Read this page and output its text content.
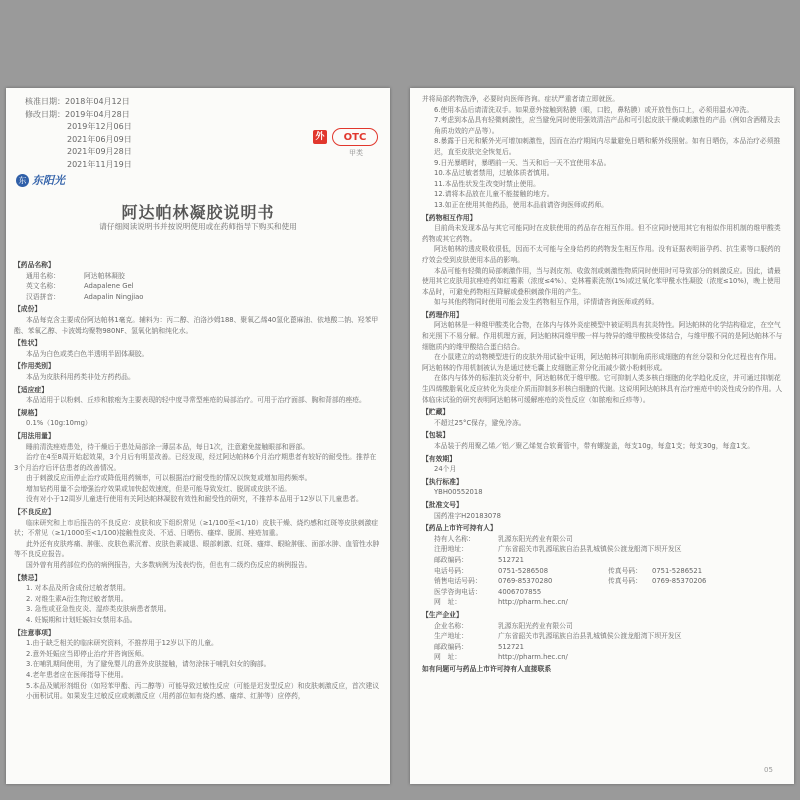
核准日期：2018年04月12日
修改日期：2019年04月28日
2019年12月06日
2021年06月09日
2021年09月28日
2021年11月19日
外	OTC
甲类
东 东阳光
阿达帕林凝胶说明书
请仔细阅读说明书并按说明使用或在药师指导下购买和使用
【 药品名称 】
通用名称：	阿达帕林凝胶
英文名称：	Adapalene Gel
汉语拼音：	Adapalin Ningjiao
【 成份 】
本品每克含主要成份阿达帕林1毫克。辅料为：丙二醇、泊洛沙姆188、聚氧乙烯40氢化蓖麻油、依地酸二钠、羟苯甲酯、苯氧乙醇、卡波姆均聚物980NF、氢氧化钠和纯化水。
【 性状 】
本品为白色或类白色半透明半固体凝胶。
【 作用类别 】
本品为皮肤科用药类非处方药药品。
【 适应症 】
本品适用于以粉刺、丘疹和脓疱为主要表现的轻中度寻常型痤疮的局部治疗。可用于治疗面部、胸和背部的痤疮。
【 规格 】
0.1%（10g:10mg）
【 用法用量 】
睡前清洗痤疮患处，待干燥后于患处局部涂一薄层本品，每日1次，注意避免接触眼部和唇部。
治疗在4至8周开始起效果，3个月后有明显改善。已经发现，经过阿达帕林6个月治疗期患者有较好的耐受性。推荐在3个月治疗后评估患者的改善情况。
由于刺激反应而停止治疗或降低用药频率，可以根据治疗耐受性的情况以恢复或增加用药频率。
增加钻药用量不会增强治疗效果或加快起效速度，但是可能导致发红、脱屑或皮肤不适。
没有对小于12周岁儿童进行使用有关阿达帕林凝胶有效性和耐受性的研究，不推荐本品用于12岁以下儿童患者。
【 不良反应 】
临床研究和上市后报告的不良反应：皮肤和皮下组织常见（≥1/100至<1/10）皮肤干燥、烧灼感和红斑等皮肤刺激症状；不常见（≥1/1000至<1/100)接触性皮炎、不适、日晒伤、瘙痒、脱屑、痤疮加重。
此外还有皮肤疼痛、肿胀、皮肤色素沉着、皮肤色素减退、眼部刺激、红斑、瘙痒、眼睑肿胀、面部水肿、血管性水肿等不良反应报告。
国外曾有用药部位灼伤的病例报告，大多数病例为浅表灼伤，但也有二级灼伤反应的病例报告。
【 禁忌 】
1. 对本品及所含成份过敏者禁用。
2. 对维生素A衍生物过敏者禁用。
3. 急性或亚急性皮炎、湿疹类皮肤病患者禁用。
4. 妊娠期和计划妊娠妇女禁用本品。
【 注意事项 】
1.由于缺乏相关的临床研究资料，不推荐用于12岁以下的儿童。
2.意外妊娠应当即停止治疗并咨询医师。
3.在哺乳期间使用，为了避免婴儿的意外皮肤接触，请勿涂抹于哺乳妇女的胸部。
4.老年患者应在医师指导下使用。
5.本品及赋形剂组份（如羟苯甲酯、丙二醇等）可能导致过敏性反应（可能是迟发型反应）和皮肤刺激反应，首次建议小面积试用。如果发生过敏反应或刺激反应（用药部位如有烧灼感、瘙痒、红肿等）应停药，
并将局部药物洗净，必要时向医师咨询。症状严重者请立即就医。
6.使用本品后请清洗双手。如果意外接触到粘膜（眼，口腔，鼻粘膜）或开放性伤口上，必须用温水冲洗。
7.考虑到本品具有轻微刺激性，应当避免同时使用强效清洁产品和可引起皮肤干燥或刺激性的产品（例如含酒精及去角质功效的产品等）。
8.暴露于日光和紫外光可增加刺激性，因而在治疗期间内尽量避免日晒和紫外线照射。如有日晒伤，本品治疗必须推迟，直至皮肤完全恢复后。
9.日光暴晒时，暴晒前一天、当天和后一天不宜使用本品。
10.本品过敏者禁用，过敏体质者慎用。
11.本品性状发生改变时禁止使用。
12.请将本品放在儿童不能接触的地方。
13.如正在使用其他药品，使用本品前请咨询医师或药师。
【 药物相互作用 】
目前尚未发现本品与其它可能同时在皮肤使用的药品存在相互作用。但不应同时使用其它有相似作用机制的维甲酸类药物或其它药物。
阿达帕林的透皮吸收很低，因而不太可能与全身给药的药物发生相互作用。没有证据表明甾孕药、抗生素等口服药的疗效会受到皮肤使用本品的影响。
本品可能有轻微的局部刺激作用，当与剥皮剂、收敛剂或刺激性物质同时使用时可导致部分的刺激反应。因此，请最使用其它皮肤用抗痤疮药如红霉素（浓度≤4%）、克林霉素洗剂(1%)或过氧化苯甲酰水性凝胶（浓度≤10%)，晚上使用本品时，可避免药物相互降解或叠积刺激作用的产生。
如与其他药物同时使用可能会发生药物相互作用，详情请咨询医师或药师。
【 药理作用 】
阿达帕林是一种维甲酸类化合物，在体内与体外炎症模型中被证明具有抗炎特性。阿达帕林的化学结构稳定，在空气和光照下不易分解。作用机理方面，阿达帕林同维甲酸一样与特异的维甲酸核受体结合，与维甲酸不同的是阿达帕林不与细胞质内的维甲酸结合蛋白结合。
在小鼠建立的动物模型进行的皮肤外用试验中证明，阿达帕林可抑制角质形成细胞的有丝分裂和分化过程也有作用。阿达帕林的作用机制被认为是通过使毛囊上皮细胞正常分化而减少微小粉刺形成。
在体内与体外的标准抗炎分析中，阿达帕林优于维甲酸。它可抑制人类多核白细胞的化学趋化反应，并可通过抑制花生四烯酸脂氧化反应转化为炎症介质而抑制多形核白细胞的代谢。这说明阿达帕林具有治疗痤疮中的炎性成分的作用。人体临床试验的研究表明阿达帕林可缓解痤疮的炎性反应（如脓疱和丘疹等）。
【 贮藏 】
不超过25°C保存，避免冷冻。
【 包装 】
本品装于药用聚乙烯／铝／聚乙烯复合软膏管中，带有螺旋盖，每支10g，每盒1支；每支30g，每盒1支。
【 有效期 】
24个月
【 执行标准 】
YBH00552018
【 批准文号 】
国药准字H20183078
【 药品上市许可持有人 】
持有人名称：	乳源东阳光药业有限公司
注册地址：	广东省韶关市乳源瑶族自治县乳城镇侯公渡龙船湾下坝开发区
邮政编码：	512721
电话号码：	0751-5286508	传真号码：	0751-5286521
销售电话号码：	0769-85370280	传真号码：	0769-85370206
医学咨询电话：	4006707855
网　址：	http://pharm.hec.cn/
【 生产企业 】
企业名称：	乳源东阳光药业有限公司
生产地址：	广东省韶关市乳源瑶族自治县乳城镇侯公渡龙船湾下坝开发区
邮政编码：	512721
网　址：	http://pharm.hec.cn/
如有问题可与药品上市许可持有人直接联系
05
